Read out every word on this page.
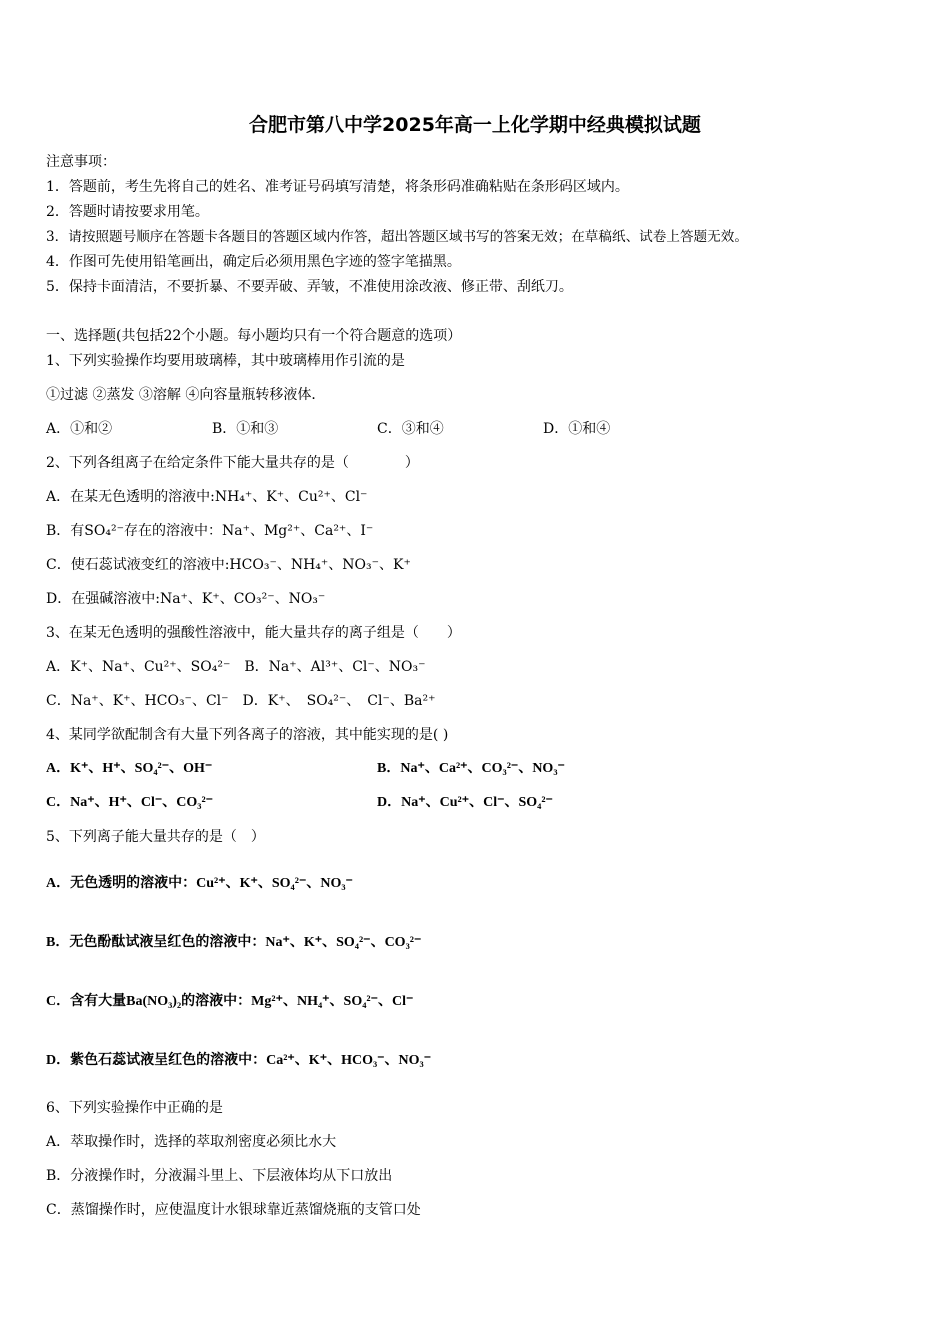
合肥市第八中学2025年高一上化学期中经典模拟试题
注意事项：
1．答题前，考生先将自己的姓名、准考证号码填写清楚，将条形码准确粘贴在条形码区域内。
2．答题时请按要求用笔。
3．请按照题号顺序在答题卡各题目的答题区域内作答，超出答题区域书写的答案无效；在草稿纸、试卷上答题无效。
4．作图可先使用铅笔画出，确定后必须用黑色字迹的签字笔描黑。
5．保持卡面清洁，不要折暴、不要弄破、弄皱，不准使用涂改液、修正带、刮纸刀。
一、选择题(共包括22个小题。每小题均只有一个符合题意的选项）
1、下列实验操作均要用玻璃棒，其中玻璃棒用作引流的是
①过滤 ②蒸发 ③溶解 ④向容量瓶转移液体．
A．①和②	B．①和③	C．③和④	D．①和④
2、下列各组离子在给定条件下能大量共存的是（　　　　）
A．在某无色透明的溶液中:NH₄⁺、K⁺、Cu²⁺、Cl⁻
B．有SO₄²⁻存在的溶液中：Na⁺、Mg²⁺、Ca²⁺、I⁻
C．使石蕊试液变红的溶液中:HCO₃⁻、NH₄⁺、NO₃⁻、K⁺
D．在强碱溶液中:Na⁺、K⁺、CO₃²⁻、NO₃⁻
3、在某无色透明的强酸性溶液中，能大量共存的离子组是（　　）
A．K⁺、Na⁺、Cu²⁺、SO₄²⁻　B．Na⁺、Al³⁺、Cl⁻、NO₃⁻
C．Na⁺、K⁺、HCO₃⁻、Cl⁻　D．K⁺、　SO₄²⁻、　Cl⁻、Ba²⁺
4、某同学欲配制含有大量下列各离子的溶液，其中能实现的是( )
A．K⁺、H⁺、SO₄²⁻、OH⁻	B．Na⁺、Ca²⁺、CO₃²⁻、NO₃⁻
C．Na⁺、H⁺、Cl⁻、CO₃²⁻	D．Na⁺、Cu²⁺、Cl⁻、SO₄²⁻
5、下列离子能大量共存的是（　）
A．无色透明的溶液中：Cu²⁺、K⁺、SO₄²⁻、NO₃⁻
B．无色酚酞试液呈红色的溶液中：Na⁺、K⁺、SO₄²⁻、CO₃²⁻
C．含有大量Ba(NO₃)₂的溶液中：Mg²⁺、NH₄⁺、SO₄²⁻、Cl⁻
D．紫色石蕊试液呈红色的溶液中：Ca²⁺、K⁺、HCO₃⁻、NO₃⁻
6、下列实验操作中正确的是
A．萃取操作时，选择的萃取剂密度必须比水大
B．分液操作时，分液漏斗里上、下层液体均从下口放出
C．蒸馏操作时，应使温度计水银球靠近蒸馏烧瓶的支管口处
